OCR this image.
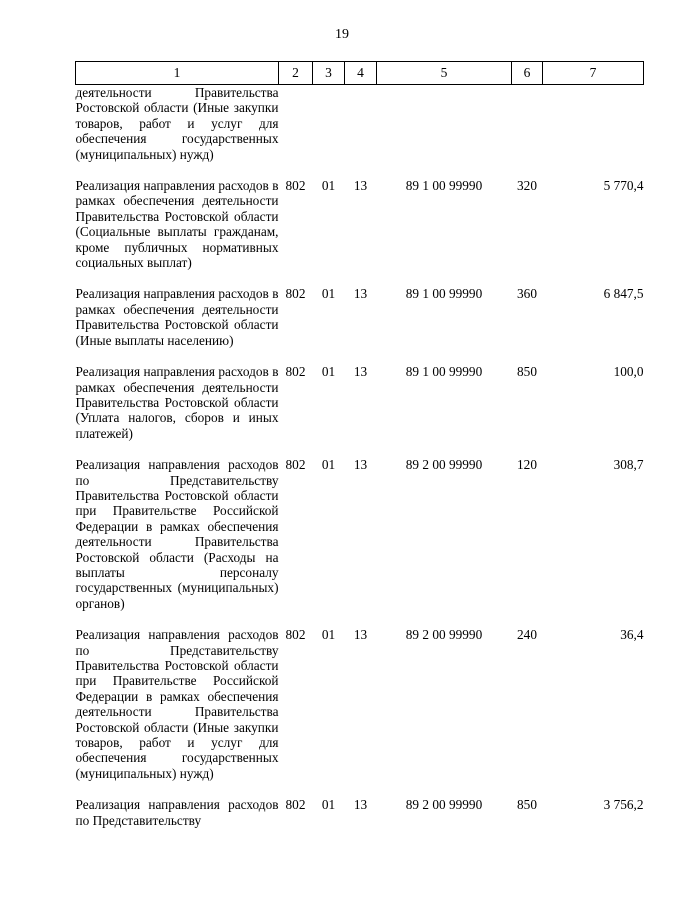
19
1	2	3	4	5	6	7
деятельности Правительства Ростовской области (Иные закупки товаров, работ и услуг для обеспечения государственных (муниципальных) нужд)						

Реализация направления расходов в рамках обеспечения деятельности Правительства Ростовской области (Социальные выплаты гражданам, кроме публичных нормативных социальных выплат)	802	01	13	89 1 00 99990	320	5 770,4

Реализация направления расходов в рамках обеспечения деятельности Правительства Ростовской области (Иные выплаты населению)	802	01	13	89 1 00 99990	360	6 847,5

Реализация направления расходов в рамках обеспечения деятельности Правительства Ростовской области (Уплата налогов, сборов и иных платежей)	802	01	13	89 1 00 99990	850	100,0

Реализация направления расходов по Представительству Правительства Ростовской области при Правительстве Российской Федерации в рамках обеспечения деятельности Правительства Ростовской области (Расходы на выплаты персоналу государственных (муниципальных) органов)	802	01	13	89 2 00 99990	120	308,7

Реализация направления расходов по Представительству Правительства Ростовской области при Правительстве Российской Федерации в рамках обеспечения деятельности Правительства Ростовской области (Иные закупки товаров, работ и услуг для обеспечения государственных (муниципальных) нужд)	802	01	13	89 2 00 99990	240	36,4

Реализация направления расходов по Представительству	802	01	13	89 2 00 99990	850	3 756,2
